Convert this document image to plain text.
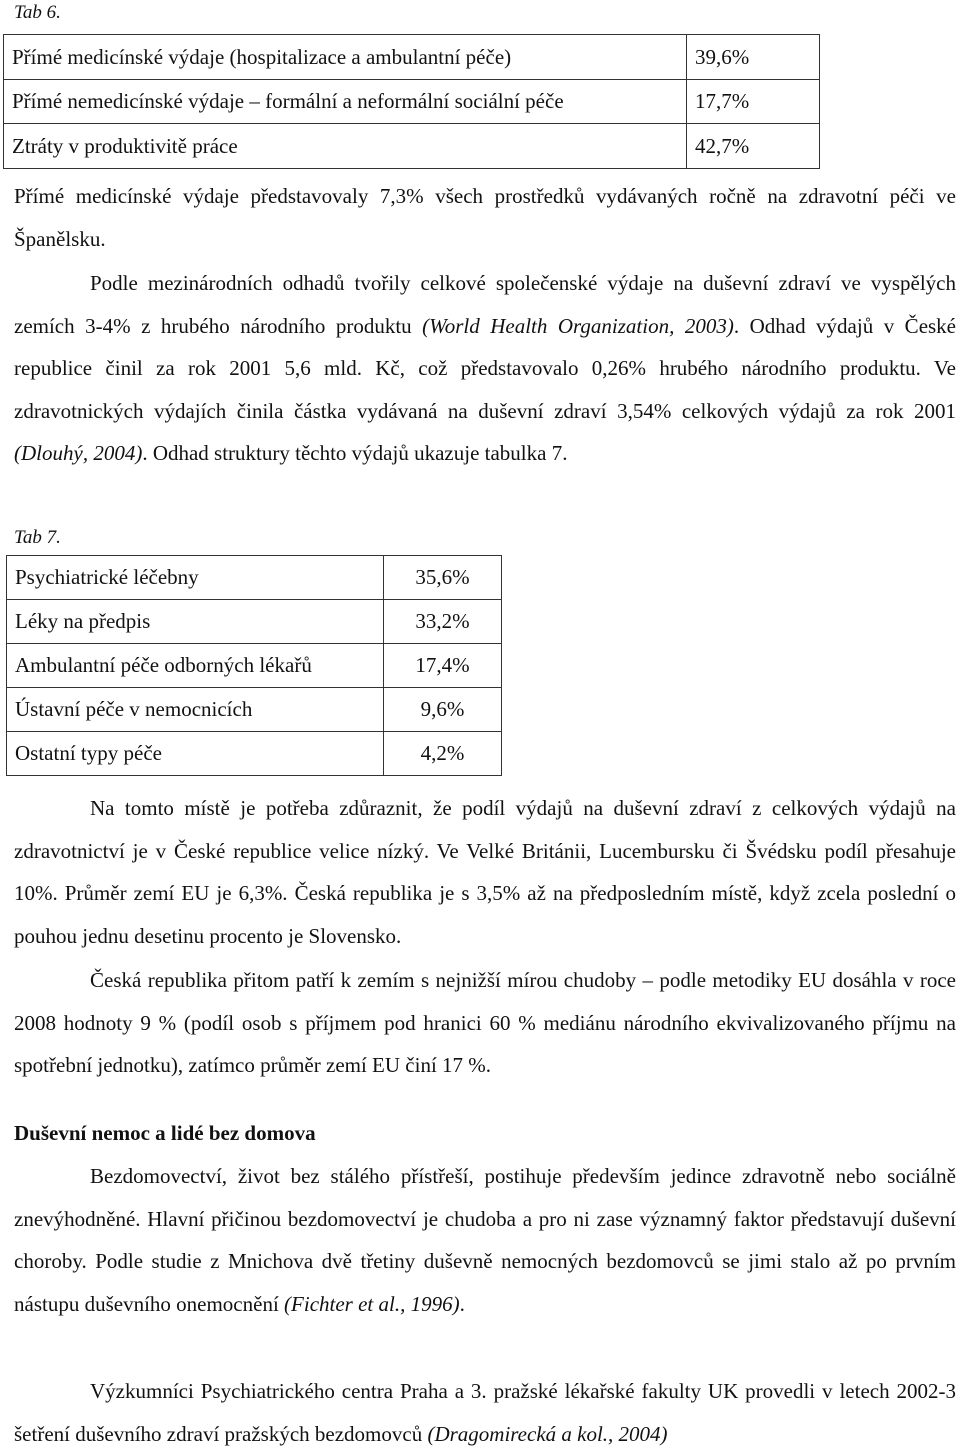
Tab 6.
Přímé medicínské výdaje (hospitalizace a ambulantní péče)	39,6%
Přímé nemedicínské výdaje – formální a neformální sociální péče	17,7%
Ztráty v produktivitě práce	42,7%

Přímé medicínské výdaje představovaly 7,3% všech prostředků vydávaných ročně na zdravotní péči ve Španělsku.

Podle mezinárodních odhadů tvořily celkové společenské výdaje na duševní zdraví ve vyspělých zemích 3-4% z hrubého národního produktu (World Health Organization, 2003). Odhad výdajů v České republice činil za rok 2001 5,6 mld. Kč, což představovalo 0,26% hrubého národního produktu. Ve zdravotnických výdajích činila částka vydávaná na duševní zdraví 3,54% celkových výdajů za rok 2001 (Dlouhý, 2004). Odhad struktury těchto výdajů ukazuje tabulka 7.

Tab 7.
Psychiatrické léčebny	35,6%
Léky na předpis	33,2%
Ambulantní péče odborných lékařů	17,4%
Ústavní péče v nemocnicích	9,6%
Ostatní typy péče	4,2%

Na tomto místě je potřeba zdůraznit, že podíl výdajů na duševní zdraví z celkových výdajů na zdravotnictví je v České republice velice nízký. Ve Velké Británii, Lucembursku či Švédsku podíl přesahuje 10%. Průměr zemí EU je 6,3%. Česká republika je s 3,5% až na předposledním místě, když zcela poslední o pouhou jednu desetinu procento je Slovensko.

Česká republika přitom patří k zemím s nejnižší mírou chudoby – podle metodiky EU dosáhla v roce 2008 hodnoty 9 % (podíl osob s příjmem pod hranici 60 % mediánu národního ekvivalizovaného příjmu na spotřební jednotku), zatímco průměr zemí EU činí 17 %.

Duševní nemoc a lidé bez domova

Bezdomovectví, život bez stálého přístřeší, postihuje především jedince zdravotně nebo sociálně znevýhodněné. Hlavní přičinou bezdomovectví je chudoba a pro ni zase významný faktor představují duševní choroby. Podle studie z Mnichova dvě třetiny duševně nemocných bezdomovců se jimi stalo až po prvním nástupu duševního onemocnění (Fichter et al., 1996).

Výzkumníci Psychiatrického centra Praha a 3. pražské lékařské fakulty UK provedli v letech 2002-3 šetření duševního zdraví pražských bezdomovců (Dragomirecká a kol., 2004)
